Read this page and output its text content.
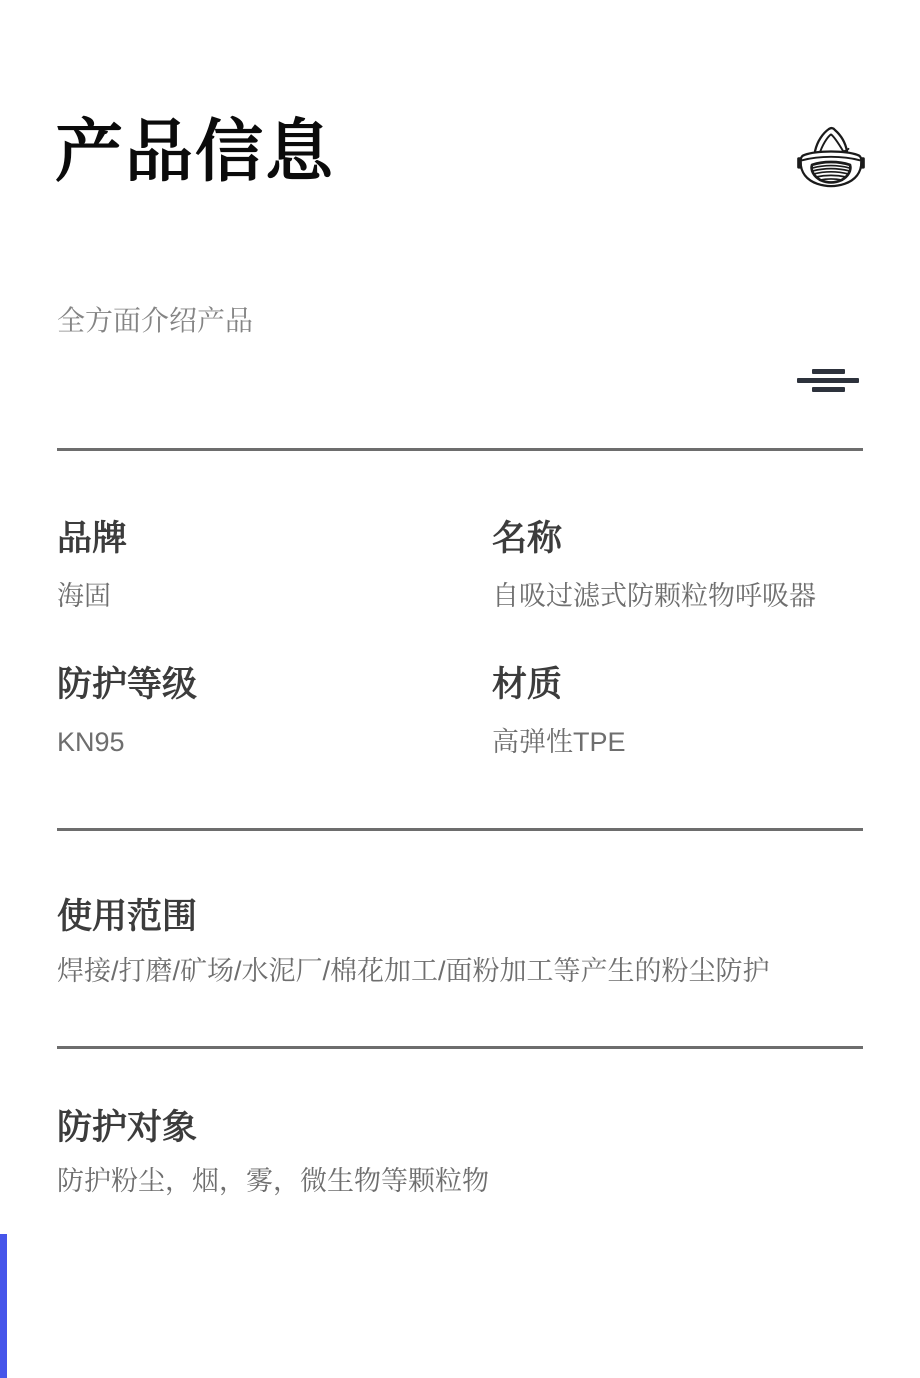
产品信息

全方面介绍产品

品牌
海固
名称
自吸过滤式防颗粒物呼吸器
防护等级
KN95
材质
高弹性TPE
使用范围
焊接/打磨/矿场/水泥厂/棉花加工/面粉加工等产生的粉尘防护
防护对象
防护粉尘，烟，雾，微生物等颗粒物
